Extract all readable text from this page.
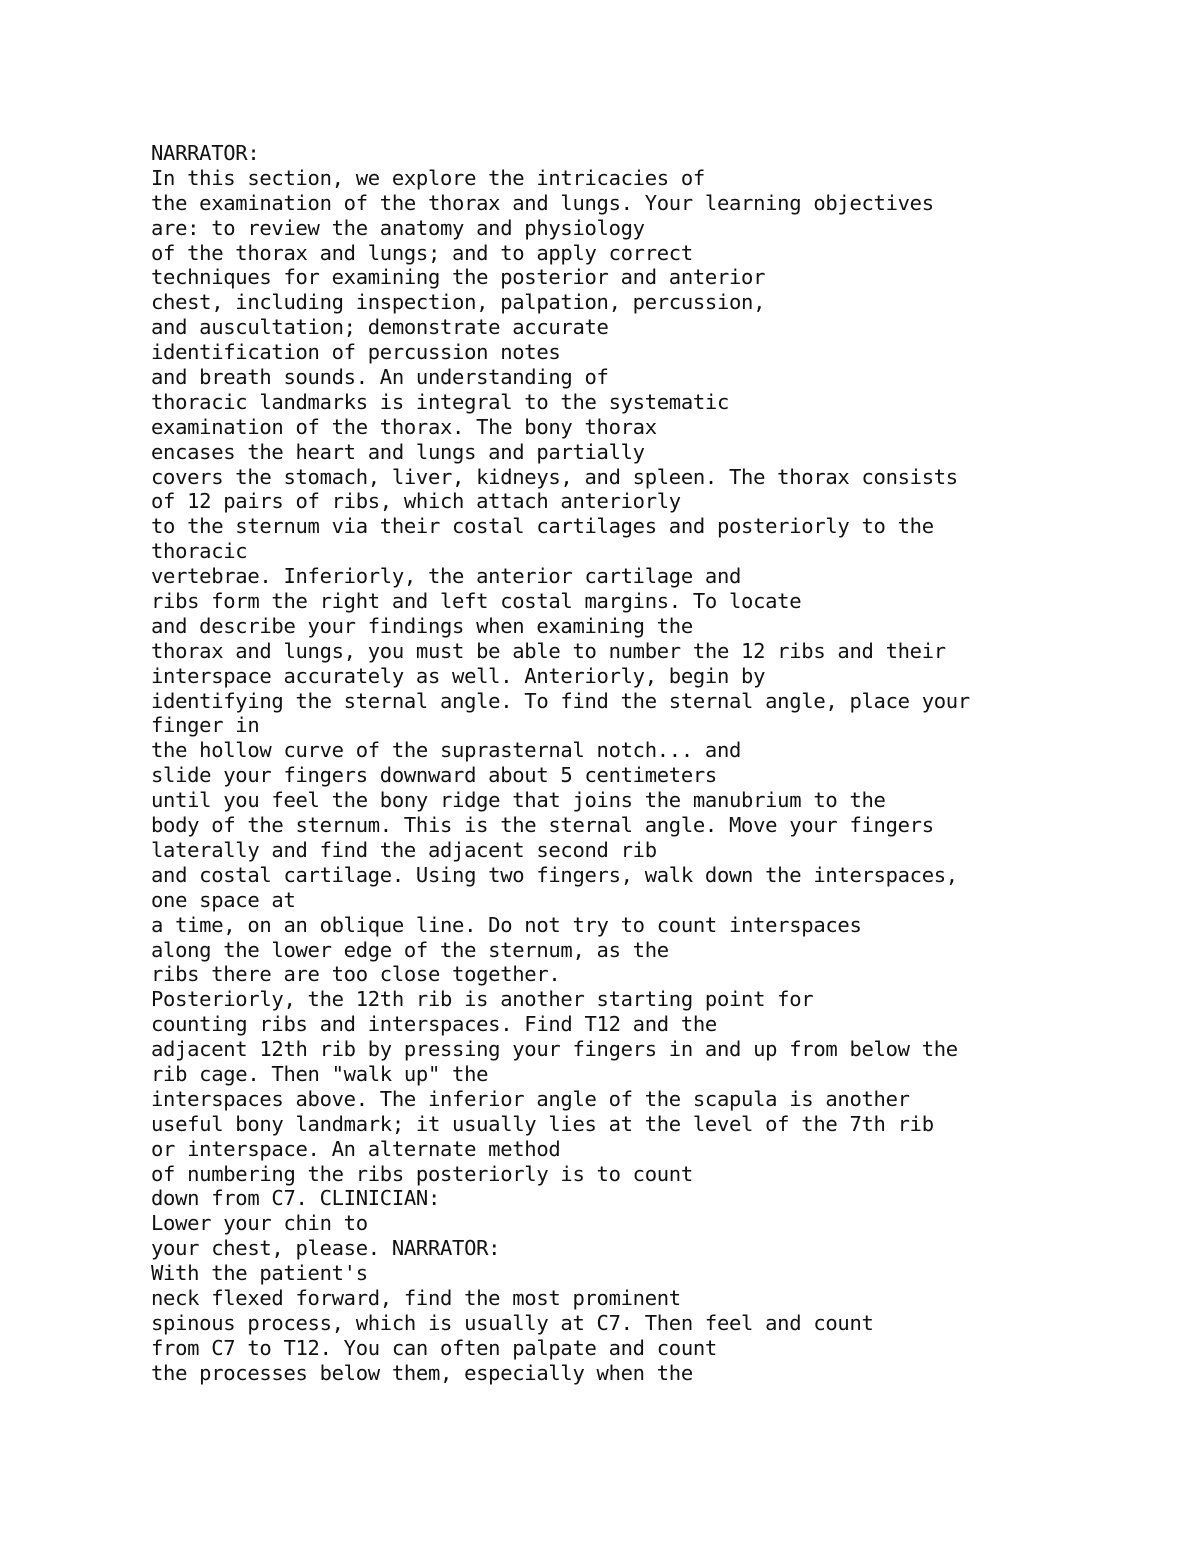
NARRATOR:
In this section, we explore the intricacies of
the examination of the thorax and lungs. Your learning objectives
are: to review the anatomy and physiology
of the thorax and lungs; and to apply correct
techniques for examining the posterior and anterior
chest, including inspection, palpation, percussion,
and auscultation; demonstrate accurate
identification of percussion notes
and breath sounds. An understanding of
thoracic landmarks is integral to the systematic
examination of the thorax. The bony thorax
encases the heart and lungs and partially
covers the stomach, liver, kidneys, and spleen. The thorax consists
of 12 pairs of ribs, which attach anteriorly
to the sternum via their costal cartilages and posteriorly to the
thoracic
vertebrae. Inferiorly, the anterior cartilage and
ribs form the right and left costal margins. To locate
and describe your findings when examining the
thorax and lungs, you must be able to number the 12 ribs and their
interspace accurately as well. Anteriorly, begin by
identifying the sternal angle. To find the sternal angle, place your
finger in
the hollow curve of the suprasternal notch... and
slide your fingers downward about 5 centimeters
until you feel the bony ridge that joins the manubrium to the
body of the sternum. This is the sternal angle. Move your fingers
laterally and find the adjacent second rib
and costal cartilage. Using two fingers, walk down the interspaces,
one space at
a time, on an oblique line. Do not try to count interspaces
along the lower edge of the sternum, as the
ribs there are too close together.
Posteriorly, the 12th rib is another starting point for
counting ribs and interspaces. Find T12 and the
adjacent 12th rib by pressing your fingers in and up from below the
rib cage. Then "walk up" the
interspaces above. The inferior angle of the scapula is another
useful bony landmark; it usually lies at the level of the 7th rib
or interspace. An alternate method
of numbering the ribs posteriorly is to count
down from C7. CLINICIAN:
Lower your chin to
your chest, please. NARRATOR:
With the patient's
neck flexed forward, find the most prominent
spinous process, which is usually at C7. Then feel and count
from C7 to T12. You can often palpate and count
the processes below them, especially when the
